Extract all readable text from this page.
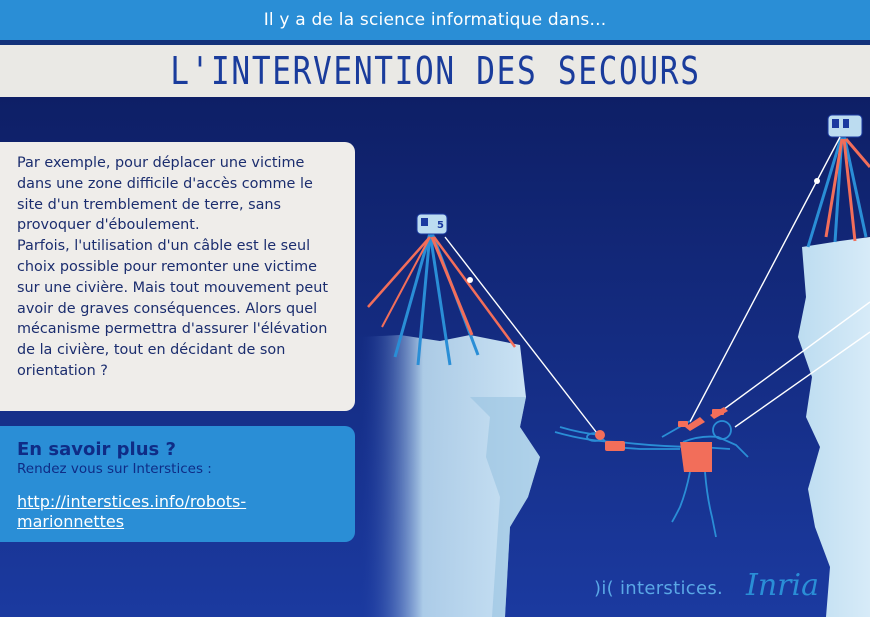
Il y a de la science informatique dans...
L'INTERVENTION DES SECOURS
5

Par exemple, pour déplacer une victime dans une zone difficile d'accès comme le site d'un tremblement de terre, sans provoquer d'éboulement.
Parfois, l'utilisation d'un câble est le seul choix possible pour remonter une victime sur une civière. Mais tout mouvement peut avoir de graves conséquences. Alors quel mécanisme permettra d'assurer l'élévation de la civière, tout en décidant de son orientation ?

En savoir plus ?
Rendez vous sur Interstices :
http://interstices.info/robots-marionnettes
)i( interstices. Inria
